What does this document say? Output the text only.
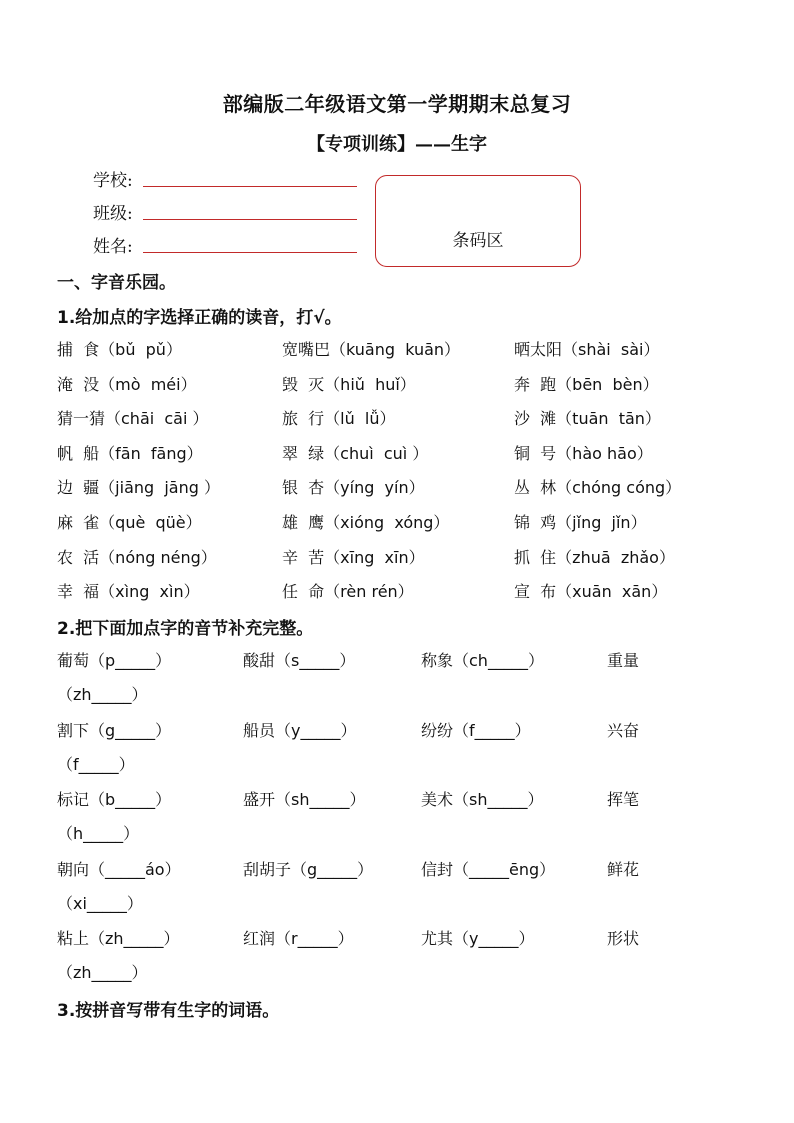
部编版二年级语文第一学期期末总复习
【专项训练】——生字
学校:
班级:
姓名:	条码区
一、字音乐园。
1.给加点的字选择正确的读音，打√。
捕  食（bǔ  pǔ）	宽嘴巴（kuāng  kuān）	晒太阳（shài  sài）
淹  没（mò  méi）	毁  灭（hiǔ  huǐ）	奔  跑（bēn  bèn）
猜一猜（chāi  cāi ）	旅  行（lǔ  lǚ）	沙  滩（tuān  tān）
帆  船（fān  fāng）	翠  绿（chuì  cuì ）	铜  号（hào hāo）
边  疆（jiāng  jāng ）	银  杏（yíng  yín）	丛  林（chóng cóng）
麻  雀（què  qüè）	雄  鹰（xióng  xóng）	锦  鸡（jǐng  jǐn）
农  活（nóng néng）	辛  苦（xīng  xīn）	抓  住（zhuā  zhǎo）
幸  福（xìng  xìn）	任  命（rèn rén）	宣  布（xuān  xān）
2.把下面加点字的音节补充完整。
葡萄（p_____）	酸甜（s_____）	称象（ch_____）	重量
（zh_____）
割下（g_____）	船员（y_____）	纷纷（f_____）	兴奋
（f_____）
标记（b_____）	盛开（sh_____）	美术（sh_____）	挥笔
（h_____）
朝向（_____áo）	刮胡子（g_____）	信封（_____ēng）	鲜花
（xi_____）
粘上（zh_____）	红润（r_____）	尤其（y_____）	形状
（zh_____）
3.按拼音写带有生字的词语。
